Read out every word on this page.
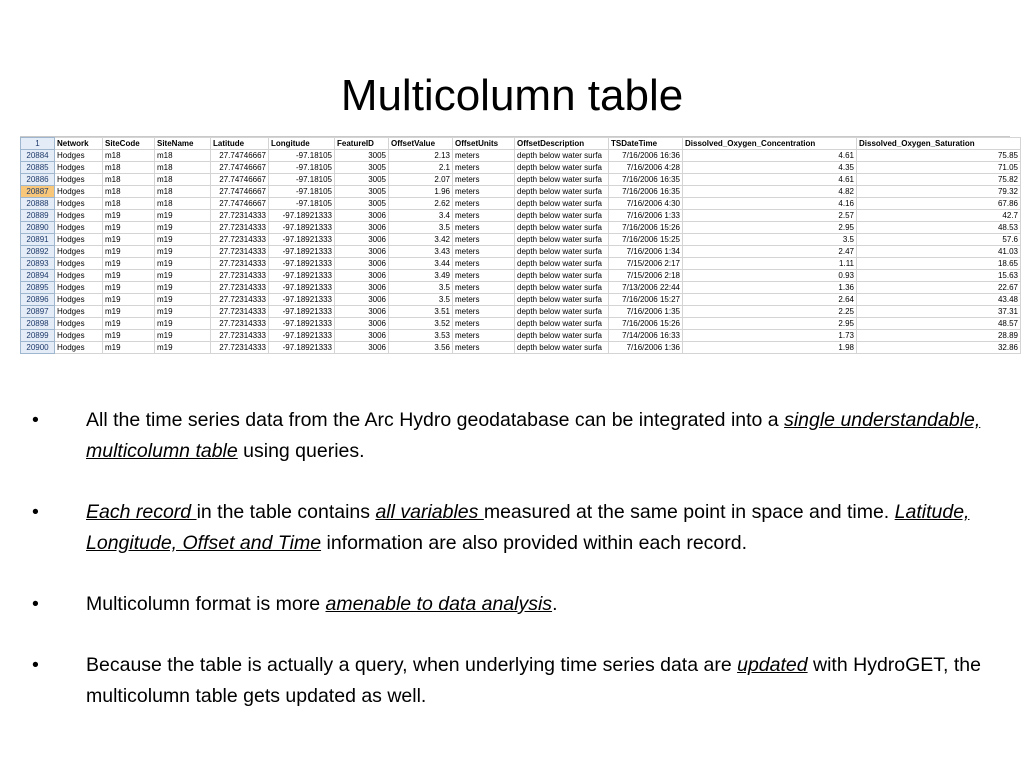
Multicolumn table
1	Network	SiteCode	SiteName	Latitude	Longitude	FeatureID	OffsetValue	OffsetUnits	OffsetDescription	TSDateTime	Dissolved_Oxygen_Concentration	Dissolved_Oxygen_Saturation
20884	Hodges	m18	m18	27.74746667	-97.18105	3005	2.13	meters	depth below water surfa	7/16/2006 16:36	4.61	75.85
20885	Hodges	m18	m18	27.74746667	-97.18105	3005	2.1	meters	depth below water surfa	7/16/2006 4:28	4.35	71.05
20886	Hodges	m18	m18	27.74746667	-97.18105	3005	2.07	meters	depth below water surfa	7/16/2006 16:35	4.61	75.82
20887	Hodges	m18	m18	27.74746667	-97.18105	3005	1.96	meters	depth below water surfa	7/16/2006 16:35	4.82	79.32
20888	Hodges	m18	m18	27.74746667	-97.18105	3005	2.62	meters	depth below water surfa	7/16/2006 4:30	4.16	67.86
20889	Hodges	m19	m19	27.72314333	-97.18921333	3006	3.4	meters	depth below water surfa	7/16/2006 1:33	2.57	42.7
20890	Hodges	m19	m19	27.72314333	-97.18921333	3006	3.5	meters	depth below water surfa	7/16/2006 15:26	2.95	48.53
20891	Hodges	m19	m19	27.72314333	-97.18921333	3006	3.42	meters	depth below water surfa	7/16/2006 15:25	3.5	57.6
20892	Hodges	m19	m19	27.72314333	-97.18921333	3006	3.43	meters	depth below water surfa	7/16/2006 1:34	2.47	41.03
20893	Hodges	m19	m19	27.72314333	-97.18921333	3006	3.44	meters	depth below water surfa	7/15/2006 2:17	1.11	18.65
20894	Hodges	m19	m19	27.72314333	-97.18921333	3006	3.49	meters	depth below water surfa	7/15/2006 2:18	0.93	15.63
20895	Hodges	m19	m19	27.72314333	-97.18921333	3006	3.5	meters	depth below water surfa	7/13/2006 22:44	1.36	22.67
20896	Hodges	m19	m19	27.72314333	-97.18921333	3006	3.5	meters	depth below water surfa	7/16/2006 15:27	2.64	43.48
20897	Hodges	m19	m19	27.72314333	-97.18921333	3006	3.51	meters	depth below water surfa	7/16/2006 1:35	2.25	37.31
20898	Hodges	m19	m19	27.72314333	-97.18921333	3006	3.52	meters	depth below water surfa	7/16/2006 15:26	2.95	48.57
20899	Hodges	m19	m19	27.72314333	-97.18921333	3006	3.53	meters	depth below water surfa	7/14/2006 16:33	1.73	28.89
20900	Hodges	m19	m19	27.72314333	-97.18921333	3006	3.56	meters	depth below water surfa	7/16/2006 1:36	1.98	32.86
• All the time series data from the Arc Hydro geodatabase can be integrated into a single understandable, multicolumn table using queries.
• Each record in the table contains all variables measured at the same point in space and time. Latitude, Longitude, Offset and Time information are also provided within each record.
• Multicolumn format is more amenable to data analysis.
• Because the table is actually a query, when underlying time series data are updated with HydroGET, the multicolumn table gets updated as well.
